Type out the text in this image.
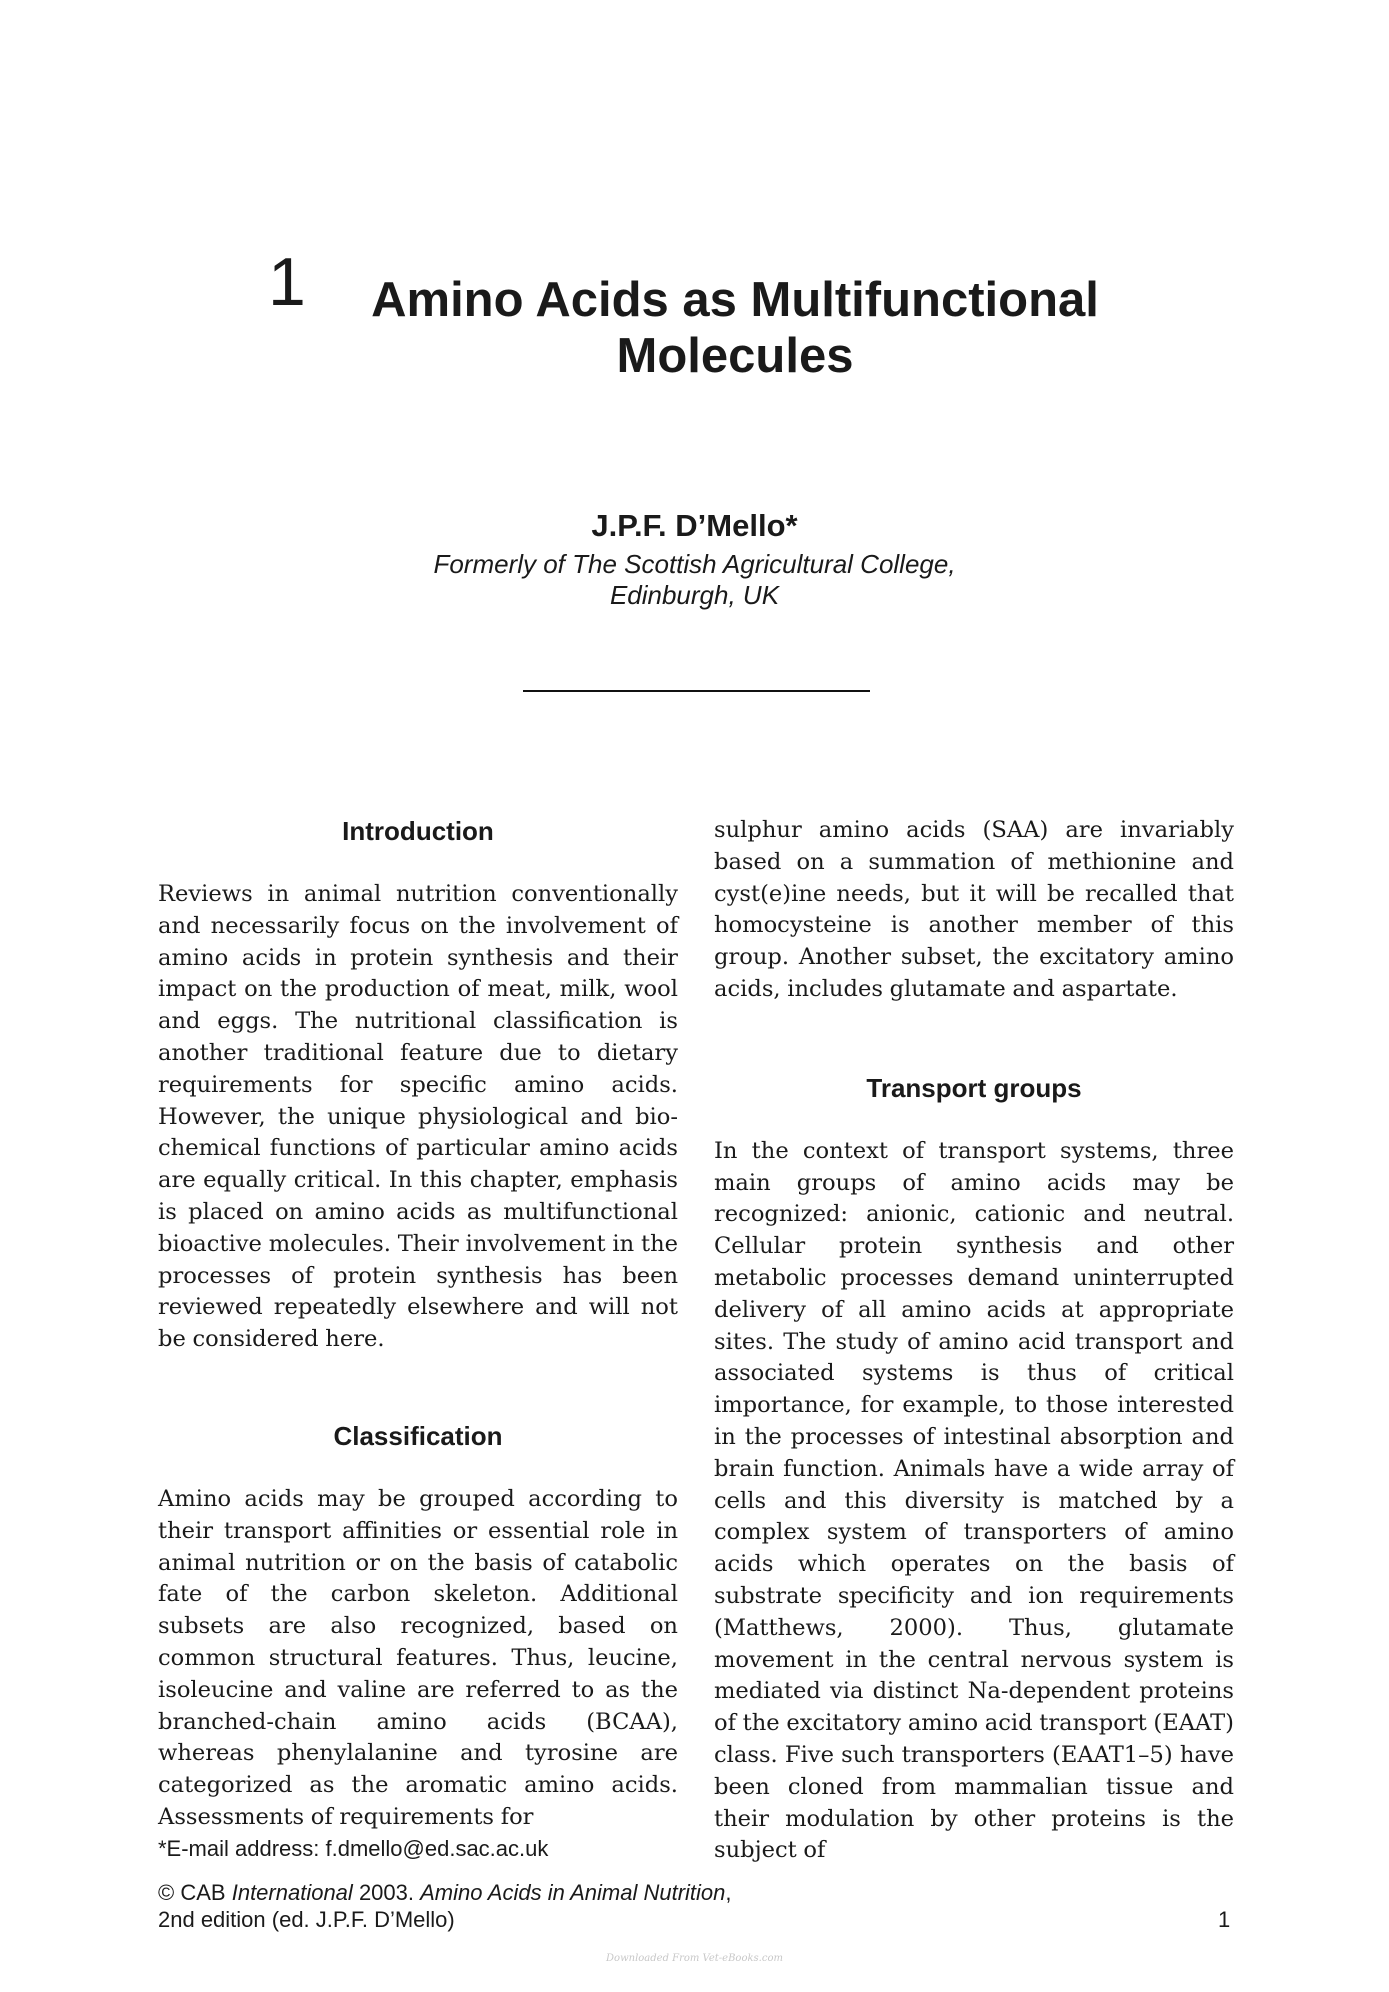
1	Amino Acids as Multifunctional Molecules
J.P.F. D’Mello*
Formerly of The Scottish Agricultural College,
Edinburgh, UK
Introduction
Reviews in animal nutrition conventionally and necessarily focus on the involvement of amino acids in protein synthesis and their impact on the production of meat, milk, wool and eggs. The nutritional classification is another traditional feature due to dietary requirements for specific amino acids. However, the unique physiological and biochemical functions of particular amino acids are equally critical. In this chapter, emphasis is placed on amino acids as multifunctional bioactive molecules. Their involvement in the processes of protein synthesis has been reviewed repeatedly elsewhere and will not be considered here.
Classification
Amino acids may be grouped according to their transport affinities or essential role in animal nutrition or on the basis of catabolic fate of the carbon skeleton. Additional subsets are also recognized, based on common structural features. Thus, leucine, isoleucine and valine are referred to as the branched-chain amino acids (BCAA), whereas phenylalanine and tyrosine are categorized as the aromatic amino acids. Assessments of requirements for
sulphur amino acids (SAA) are invariably based on a summation of methionine and cyst(e)ine needs, but it will be recalled that homocysteine is another member of this group. Another subset, the excitatory amino acids, includes glutamate and aspartate.
Transport groups
In the context of transport systems, three main groups of amino acids may be recognized: anionic, cationic and neutral. Cellular protein synthesis and other metabolic processes demand uninterrupted delivery of all amino acids at appropriate sites. The study of amino acid transport and associated systems is thus of critical importance, for example, to those interested in the processes of intestinal absorption and brain function. Animals have a wide array of cells and this diversity is matched by a complex system of transporters of amino acids which operates on the basis of substrate specificity and ion requirements (Matthews, 2000). Thus, glutamate movement in the central nervous system is mediated via distinct Na-dependent proteins of the excitatory amino acid transport (EAAT) class. Five such transporters (EAAT1–5) have been cloned from mammalian tissue and their modulation by other proteins is the subject of
*E-mail address: f.dmello@ed.sac.ac.uk
© CAB International 2003. Amino Acids in Animal Nutrition,
2nd edition (ed. J.P.F. D’Mello)	1
Downloaded From Vet-eBooks.com
